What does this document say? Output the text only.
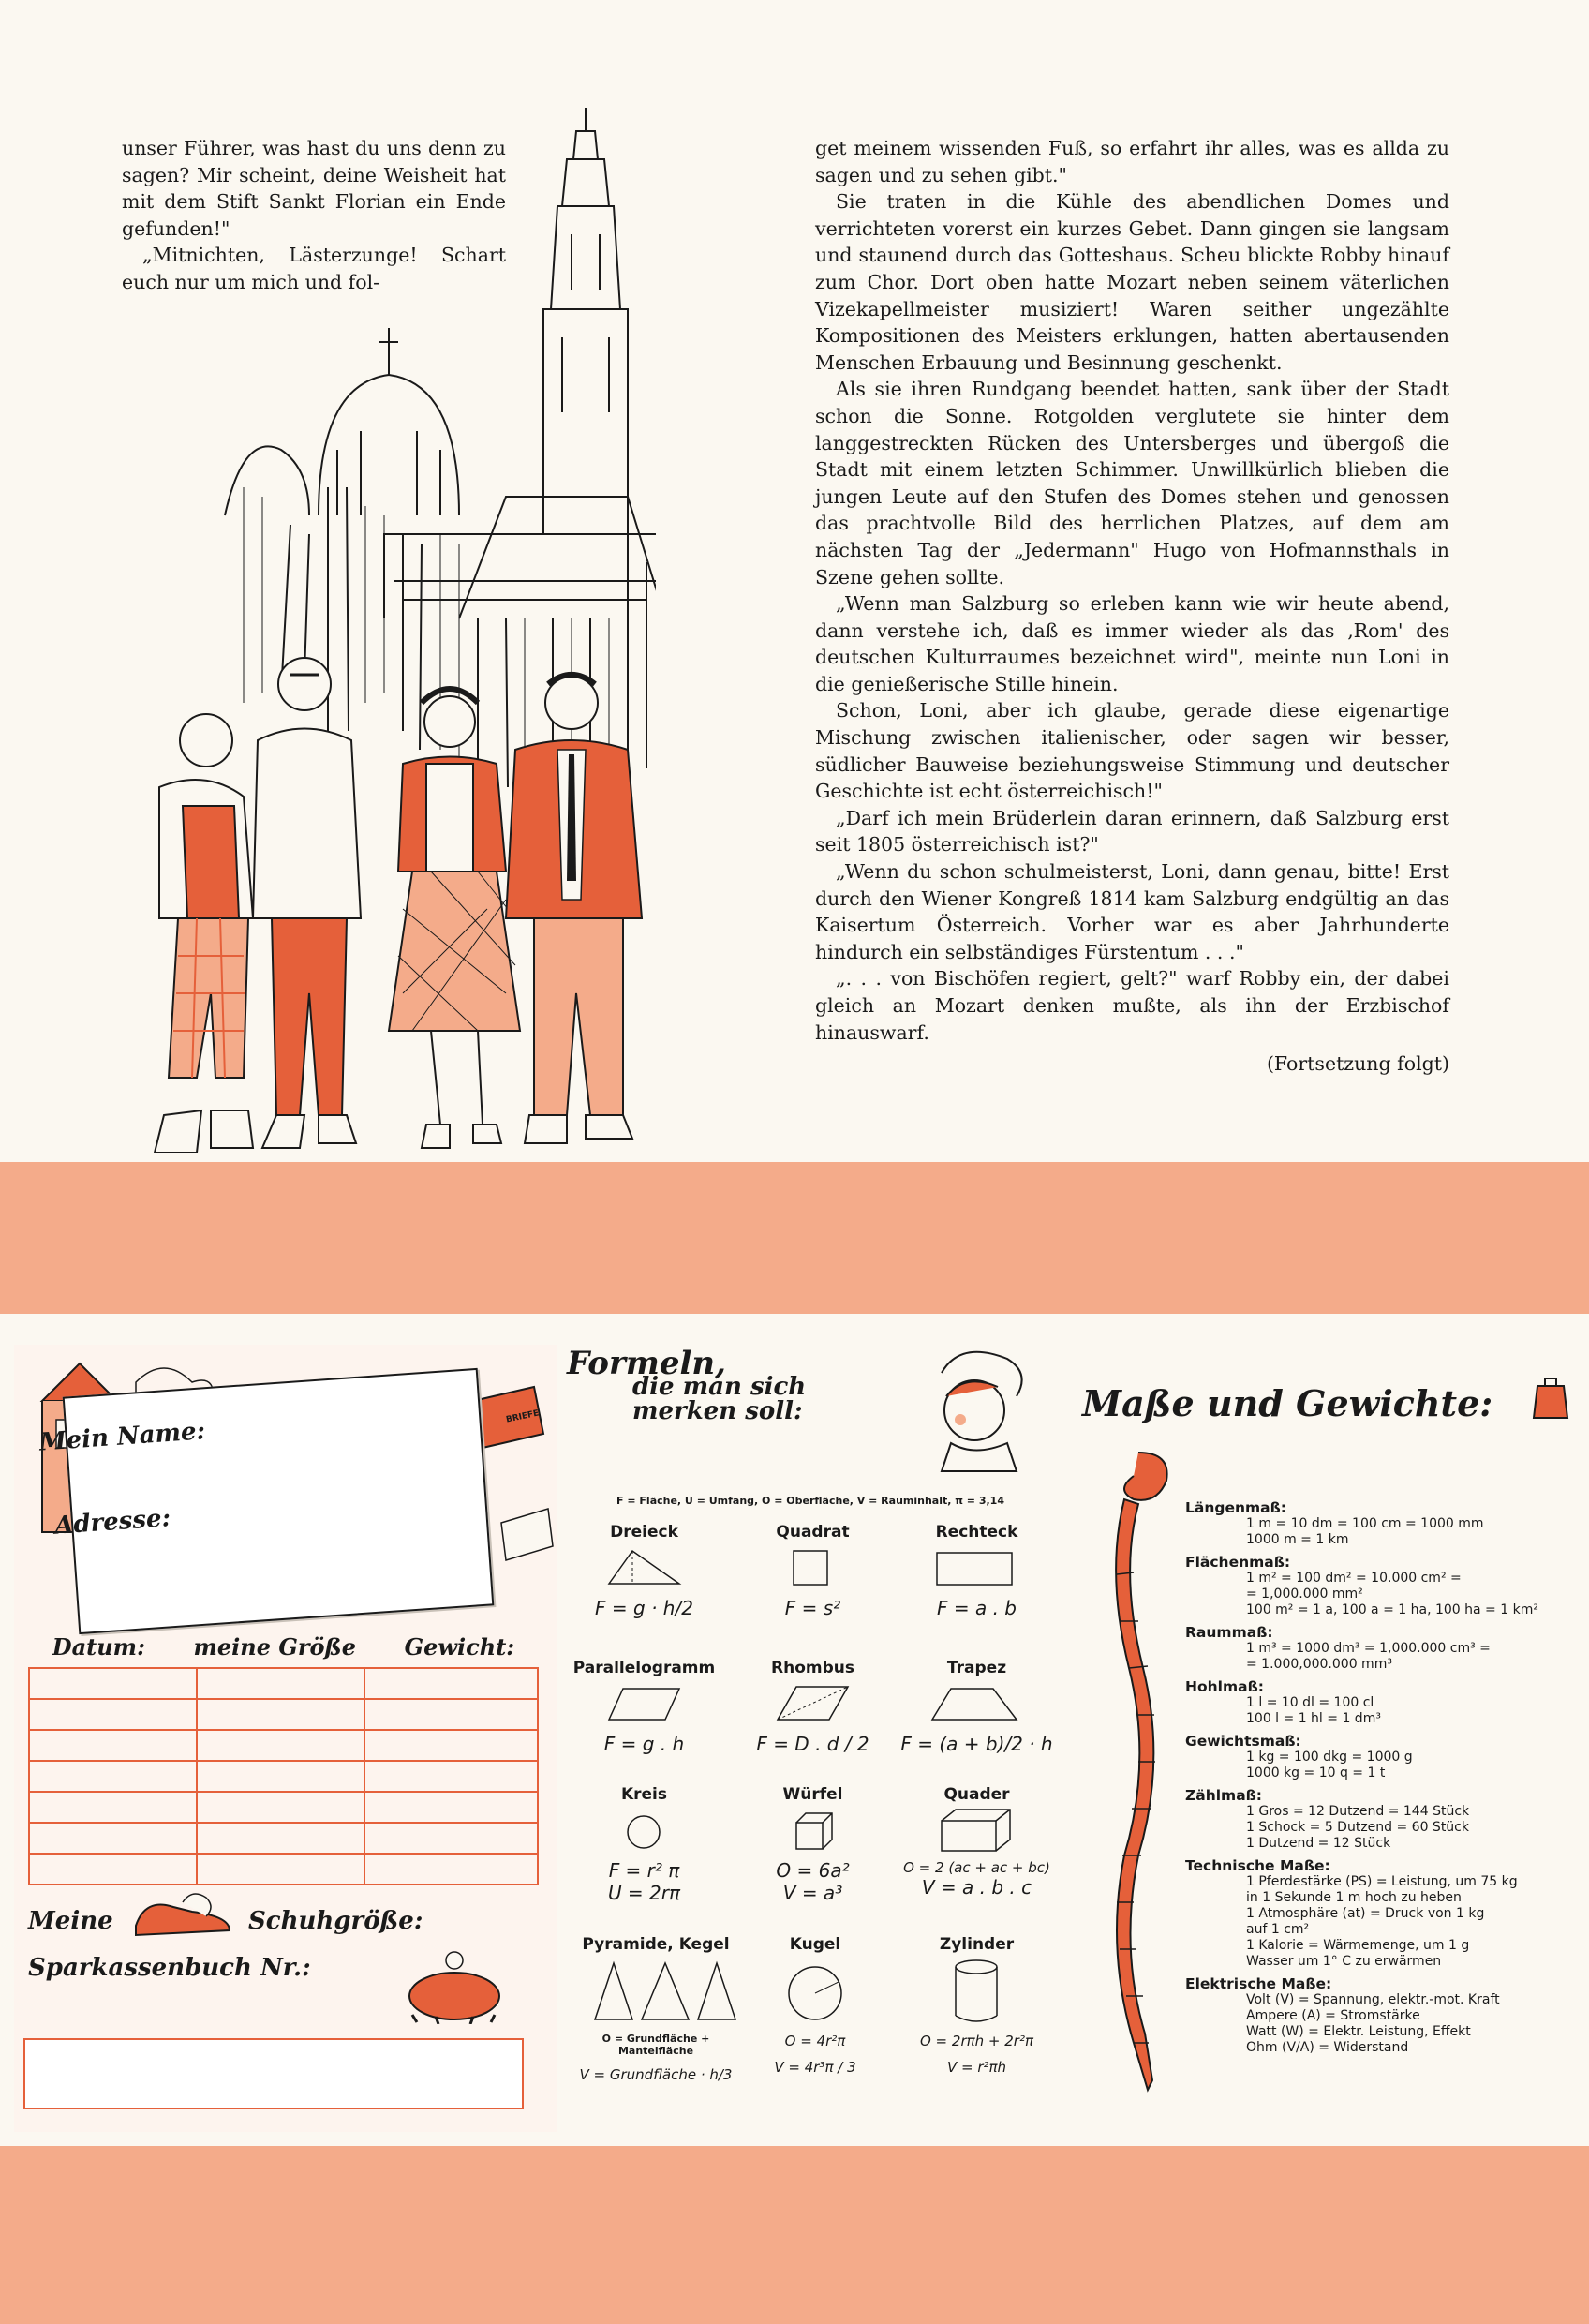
unser Führer, was hast du uns denn zu sagen? Mir scheint, deine Weisheit hat mit dem Stift Sankt Florian ein Ende gefunden!"

„Mitnichten, Lästerzunge! Schart euch nur um mich und fol-

get meinem wissenden Fuß, so erfahrt ihr alles, was es allda zu sagen und zu sehen gibt."

Sie traten in die Kühle des abendlichen Domes und verrichteten vorerst ein kurzes Gebet. Dann gingen sie langsam und staunend durch das Gotteshaus. Scheu blickte Robby hinauf zum Chor. Dort oben hatte Mozart neben seinem väterlichen Vizekapellmeister musiziert! Waren seither ungezählte Kompositionen des Meisters erklungen, hatten abertausenden Menschen Erbauung und Besinnung geschenkt.

Als sie ihren Rundgang beendet hatten, sank über der Stadt schon die Sonne. Rotgolden verglutete sie hinter dem langgestreckten Rücken des Untersberges und übergoß die Stadt mit einem letzten Schimmer. Unwillkürlich blieben die jungen Leute auf den Stufen des Domes stehen und genossen das prachtvolle Bild des herrlichen Platzes, auf dem am nächsten Tag der „Jedermann" Hugo von Hofmannsthals in Szene gehen sollte.

„Wenn man Salzburg so erleben kann wie wir heute abend, dann verstehe ich, daß es immer wieder als das ‚Rom' des deutschen Kulturraumes bezeichnet wird", meinte nun Loni in die genießerische Stille hinein.

Schon, Loni, aber ich glaube, gerade diese eigenartige Mischung zwischen italienischer, oder sagen wir besser, südlicher Bauweise beziehungsweise Stimmung und deutscher Geschichte ist echt österreichisch!"

„Darf ich mein Brüderlein daran erinnern, daß Salzburg erst seit 1805 österreichisch ist?"

„Wenn du schon schulmeisterst, Loni, dann genau, bitte! Erst durch den Wiener Kongreß 1814 kam Salzburg endgültig an das Kaisertum Österreich. Vorher war es aber Jahrhunderte hindurch ein selbständiges Fürstentum . . ."

„. . . von Bischöfen regiert, gelt?" warf Robby ein, der dabei gleich an Mozart denken mußte, als ihn der Erzbischof hinauswarf.

(Fortsetzung folgt)
BRIEFE
Mein Name:
Adresse:
Datum: meine Größe Gewicht:

Meine	Schuhgröße:
Sparkassenbuch Nr.:
Formeln,
die man sich
merken soll:
F = Fläche, U = Umfang, O = Oberfläche, V = Rauminhalt, π = 3,14
Dreieck
F = g · h/2
Quadrat
F = s²
Rechteck
F = a . b
Parallelogramm
F = g . h
Rhombus
F = D . d / 2
Trapez
F = (a + b)/2 · h
Kreis
F = r² π
U = 2rπ
Würfel
O = 6a²
V = a³
Quader
O = 2 (ac + ac + bc)
V = a . b . c
Pyramide, Kegel
O = Grundfläche + Mantelfläche
V = Grundfläche · h/3
Kugel
O = 4r²π
V = 4r³π / 3
Zylinder
O = 2rπh + 2r²π
V = r²πh
Maße und Gewichte:
Längenmaß:
1 m = 10 dm = 100 cm = 1000 mm
1000 m = 1 km
Flächenmaß:
1 m² = 100 dm² = 10.000 cm² =
= 1,000.000 mm²
100 m² = 1 a, 100 a = 1 ha, 100 ha = 1 km²
Raummaß:
1 m³ = 1000 dm³ = 1,000.000 cm³ =
= 1.000,000.000 mm³
Hohlmaß:
1 l = 10 dl = 100 cl
100 l = 1 hl = 1 dm³
Gewichtsmaß:
1 kg = 100 dkg = 1000 g
1000 kg = 10 q = 1 t
Zählmaß:
1 Gros = 12 Dutzend = 144 Stück
1 Schock = 5 Dutzend = 60 Stück
1 Dutzend = 12 Stück
Technische Maße:
1 Pferdestärke (PS) = Leistung, um 75 kg
in 1 Sekunde 1 m hoch zu heben
1 Atmosphäre (at) = Druck von 1 kg
auf 1 cm²
1 Kalorie = Wärmemenge, um 1 g
Wasser um 1° C zu erwärmen
Elektrische Maße:
Volt (V) = Spannung, elektr.-mot. Kraft
Ampere (A) = Stromstärke
Watt (W) = Elektr. Leistung, Effekt
Ohm (V/A) = Widerstand
